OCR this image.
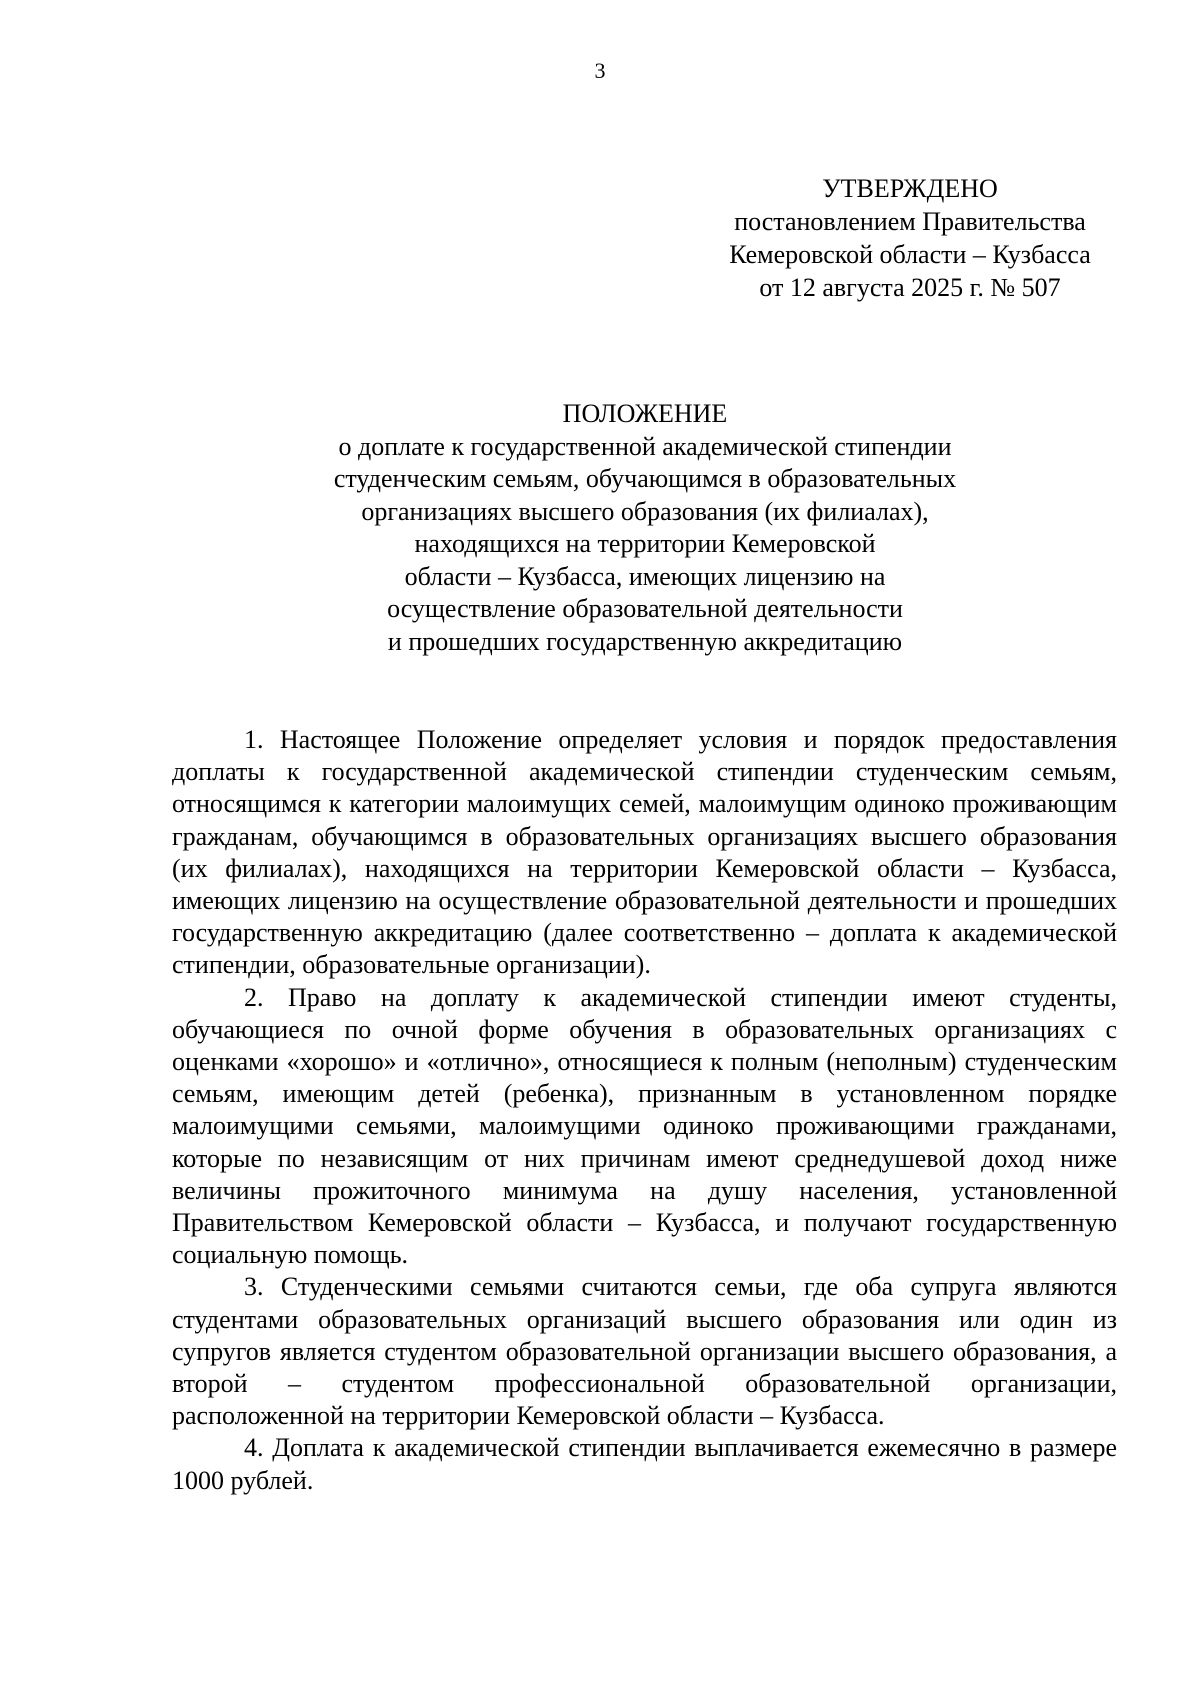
3
УТВЕРЖДЕНО
постановлением Правительства
Кемеровской области – Кузбасса
от 12 августа 2025 г. № 507
ПОЛОЖЕНИЕ
о доплате к государственной академической стипендии
студенческим семьям, обучающимся в образовательных
организациях высшего образования (их филиалах),
находящихся на территории Кемеровской
области – Кузбасса, имеющих лицензию на
осуществление образовательной деятельности
и прошедших государственную аккредитацию

1. Настоящее Положение определяет условия и порядок предоставления доплаты к государственной академической стипендии студенческим семьям, относящимся к категории малоимущих семей, малоимущим одиноко проживающим гражданам, обучающимся в образовательных организациях высшего образования (их филиалах), находящихся на территории Кемеровской области – Кузбасса, имеющих лицензию на осуществление образовательной деятельности и прошедших государственную аккредитацию (далее соответственно – доплата к академической стипендии, образовательные организации).

2. Право на доплату к академической стипендии имеют студенты, обучающиеся по очной форме обучения в образовательных организациях с оценками «хорошо» и «отлично», относящиеся к полным (неполным) студенческим семьям, имеющим детей (ребенка), признанным в установленном порядке малоимущими семьями, малоимущими одиноко проживающими гражданами, которые по независящим от них причинам имеют среднедушевой доход ниже величины прожиточного минимума на душу населения, установленной Правительством Кемеровской области – Кузбасса, и получают государственную социальную помощь.

3. Студенческими семьями считаются семьи, где оба супруга являются студентами образовательных организаций высшего образования или один из супругов является студентом образовательной организации высшего образования, а второй – студентом профессиональной образовательной организации, расположенной на территории Кемеровской области – Кузбасса.

4. Доплата к академической стипендии выплачивается ежемесячно в размере 1000 рублей.
